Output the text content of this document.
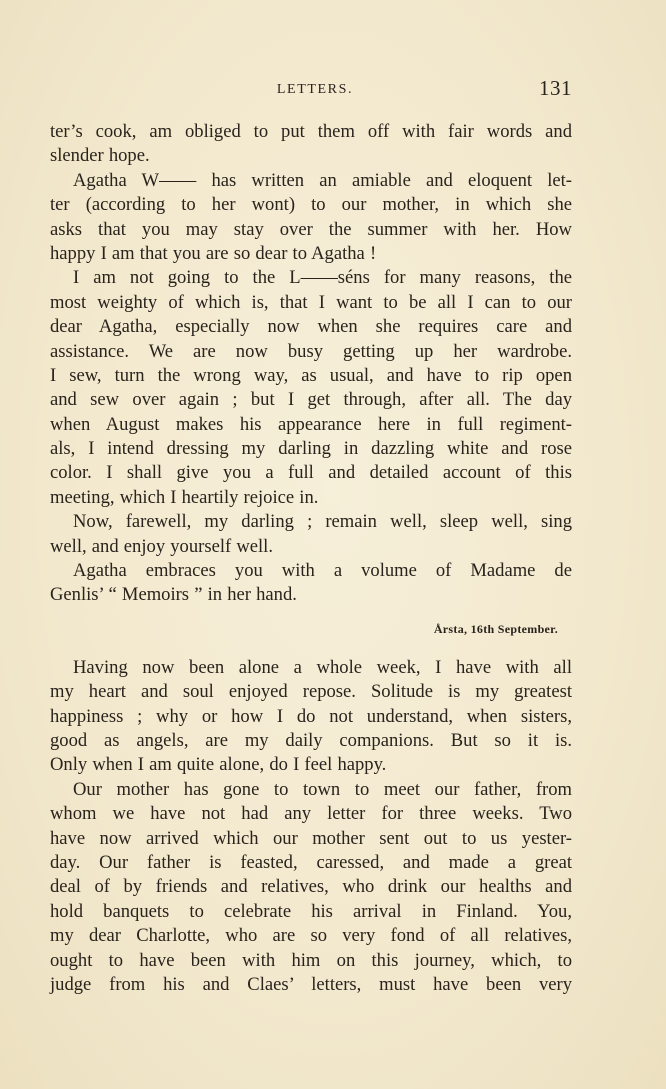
LETTERS.	131
ter’s cook, am obliged to put them off with fair words and
slender hope.
Agatha W—— has written an amiable and eloquent let-
ter (according to her wont) to our mother, in which she
asks that you may stay over the summer with her. How
happy I am that you are so dear to Agatha !
I am not going to the L——séns for many reasons, the
most weighty of which is, that I want to be all I can to our
dear Agatha, especially now when she requires care and
assistance. We are now busy getting up her wardrobe.
I sew, turn the wrong way, as usual, and have to rip open
and sew over again ; but I get through, after all. The day
when August makes his appearance here in full regiment-
als, I intend dressing my darling in dazzling white and rose
color. I shall give you a full and detailed account of this
meeting, which I heartily rejoice in.
Now, farewell, my darling ; remain well, sleep well, sing
well, and enjoy yourself well.
Agatha embraces you with a volume of Madame de
Genlis’ “ Memoirs ” in her hand.
Årsta, 16th September.
Having now been alone a whole week, I have with all
my heart and soul enjoyed repose. Solitude is my greatest
happiness ; why or how I do not understand, when sisters,
good as angels, are my daily companions. But so it is.
Only when I am quite alone, do I feel happy.
Our mother has gone to town to meet our father, from
whom we have not had any letter for three weeks. Two
have now arrived which our mother sent out to us yester-
day. Our father is feasted, caressed, and made a great
deal of by friends and relatives, who drink our healths and
hold banquets to celebrate his arrival in Finland. You,
my dear Charlotte, who are so very fond of all relatives,
ought to have been with him on this journey, which, to
judge from his and Claes’ letters, must have been very
